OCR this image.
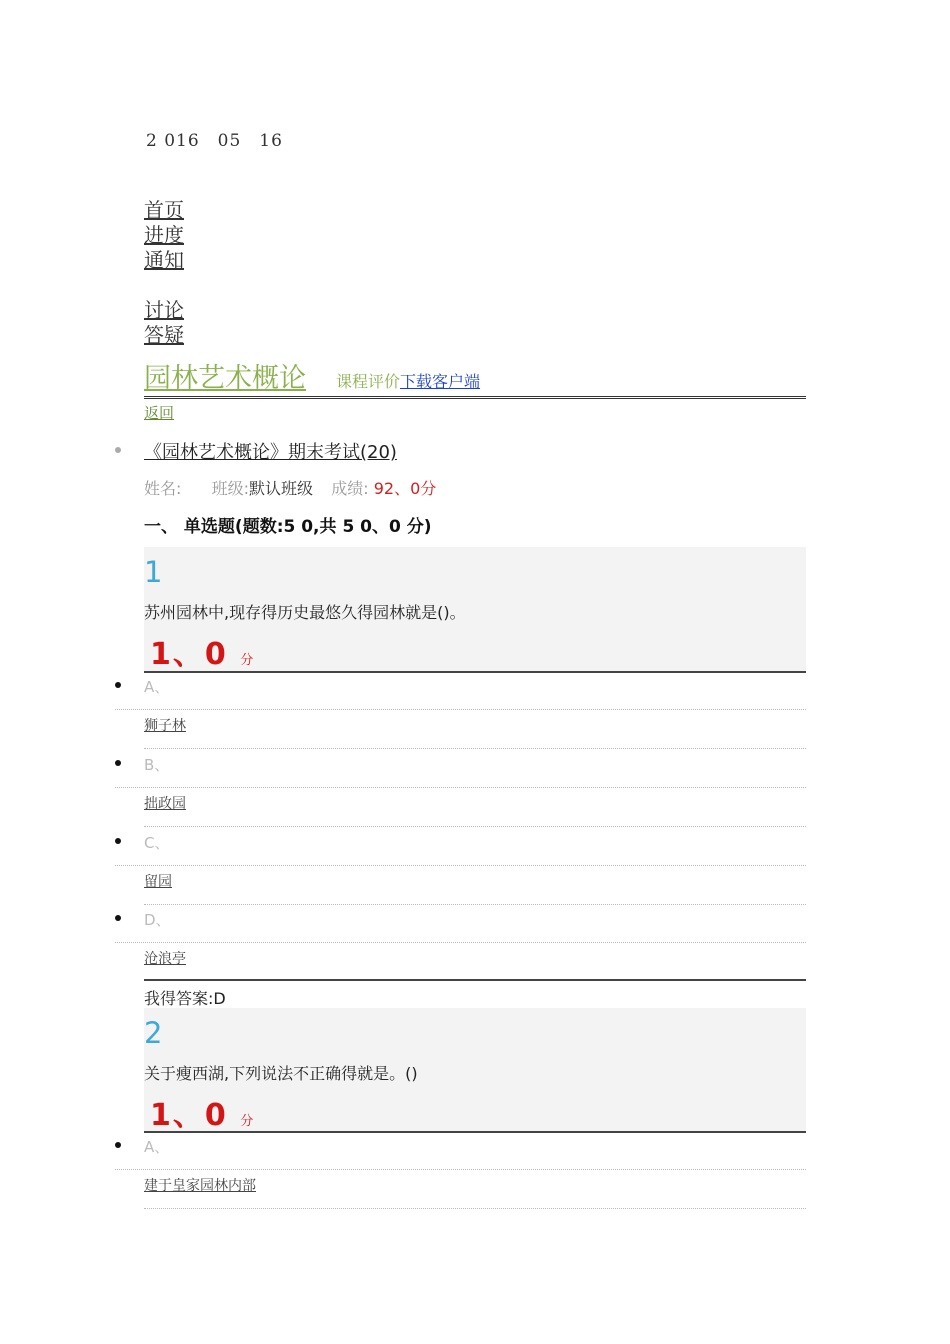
2 016　05　16
首页
进度
通知
讨论
答疑
园林艺术概论 课程评价下载客户端
返回
《园林艺术概论》期末考试(20)
姓名: 班级:默认班级 成绩: 92、0分
一、 单选题(题数:5 0,共 5 0、0 分)
1
苏州园林中,现存得历史最悠久得园林就是()。
1、0 分
A、
狮子林
B、
拙政园
C、
留园
D、
沧浪亭
我得答案:D
2
关于瘦西湖,下列说法不正确得就是。()
1、0 分
A、
建于皇家园林内部
